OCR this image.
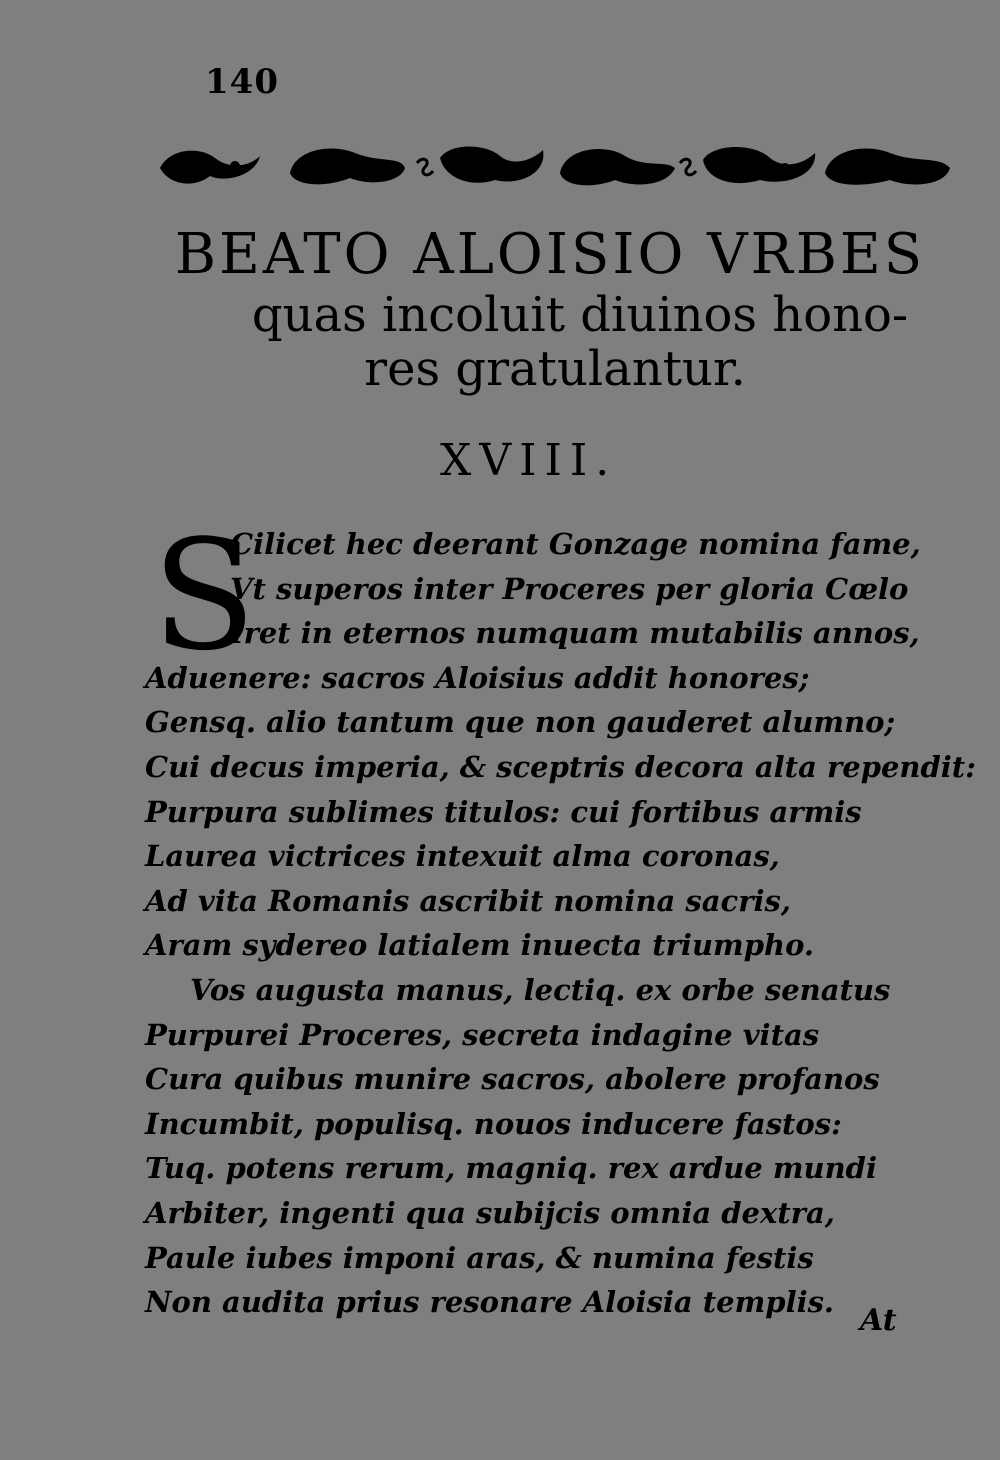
140
BEATO ALOISIO VRBES
quas incoluit diuinos hono-
res gratulantur.
XVIII.
S
Cilicet hec deerant Gonzage nomina fame,
Vt superos inter Proceres per gloria Cœlo
Iret in eternos numquam mutabilis annos,
Aduenere: sacros Aloisius addit honores;
Gensq. alio tantum que non gauderet alumno;
Cui decus imperia, & sceptris decora alta rependit:
Purpura sublimes titulos: cui fortibus armis
Laurea victrices intexuit alma coronas,
Ad vita Romanis ascribit nomina sacris,
Aram sydereo latialem inuecta triumpho.
Vos augusta manus, lectiq. ex orbe senatus
Purpurei Proceres, secreta indagine vitas
Cura quibus munire sacros, abolere profanos
Incumbit, populisq. nouos inducere fastos:
Tuq. potens rerum, magniq. rex ardue mundi
Arbiter, ingenti qua subijcis omnia dextra,
Paule iubes imponi aras, & numina festis
Non audita prius resonare Aloisia templis.
At
